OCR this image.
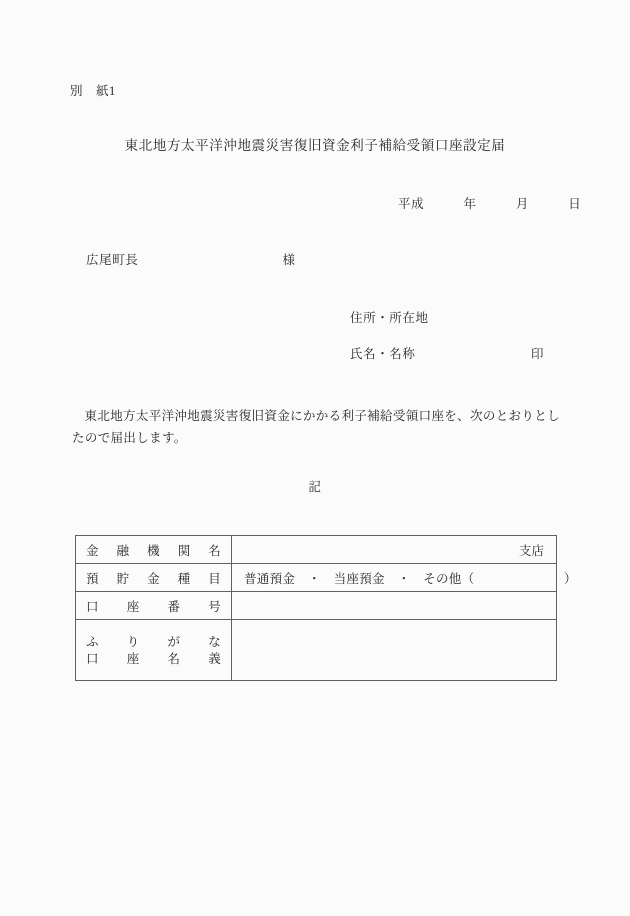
別　紙1
東北地方太平洋沖地震災害復旧資金利子補給受領口座設定届
平成　　　年　　　月　　　日
広尾町長　　　　　　　　　　　様
住所・所在地
氏名・名称	印
東北地方太平洋沖地震災害復旧資金にかかる利子補給受領口座を、次のとおりとしたので届出します。
記
金　融　機　関　名	支店
預　貯　金　種　目	普通預金　・　当座預金　・　その他（　　　　　　　）
口　座　番　号	

ふ　り　が　な
口　座　名　義	
